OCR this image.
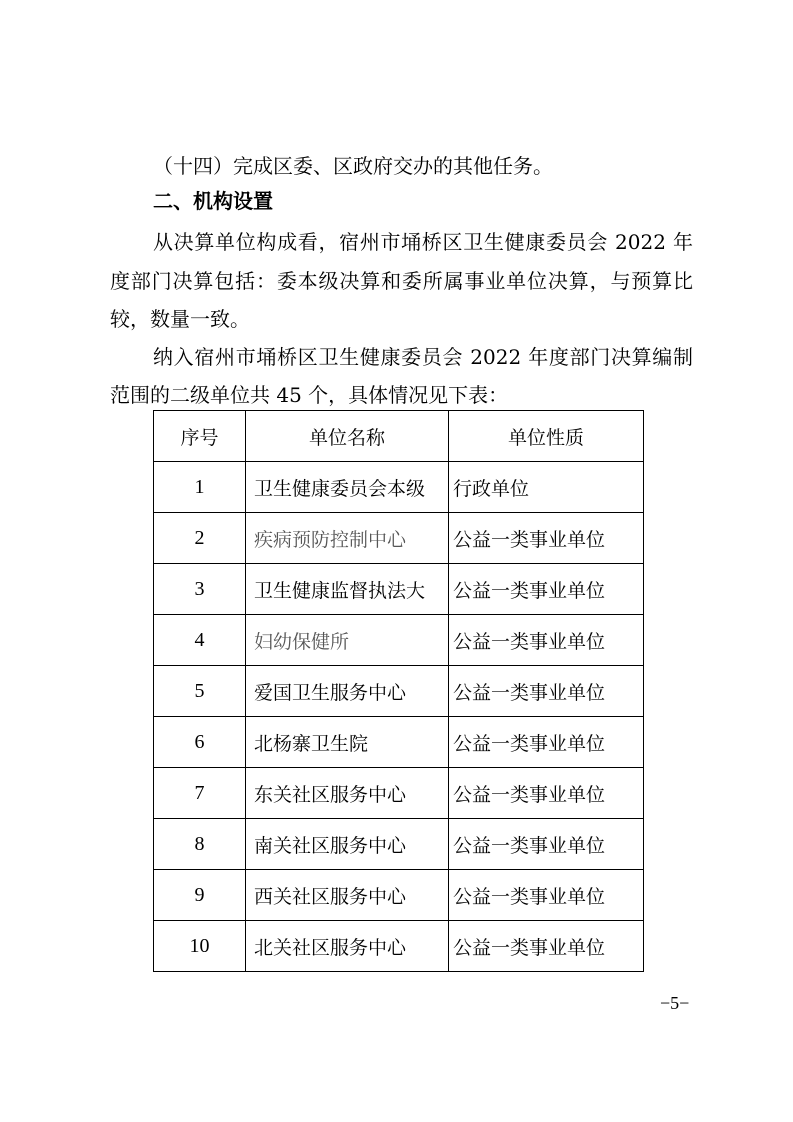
（十四）完成区委、区政府交办的其他任务。
二、机构设置
从决算单位构成看，宿州市埇桥区卫生健康委员会 2022 年
度部门决算包括：委本级决算和委所属事业单位决算，与预算比
较，数量一致。
纳入宿州市埇桥区卫生健康委员会 2022 年度部门决算编制
范围的二级单位共 45 个，具体情况见下表：
序号	单位名称	单位性质
1	卫生健康委员会本级	行政单位
2	疾病预防控制中心	公益一类事业单位
3	卫生健康监督执法大	公益一类事业单位
4	妇幼保健所	公益一类事业单位
5	爱国卫生服务中心	公益一类事业单位
6	北杨寨卫生院	公益一类事业单位
7	东关社区服务中心	公益一类事业单位
8	南关社区服务中心	公益一类事业单位
9	西关社区服务中心	公益一类事业单位
10	北关社区服务中心	公益一类事业单位
−5−
